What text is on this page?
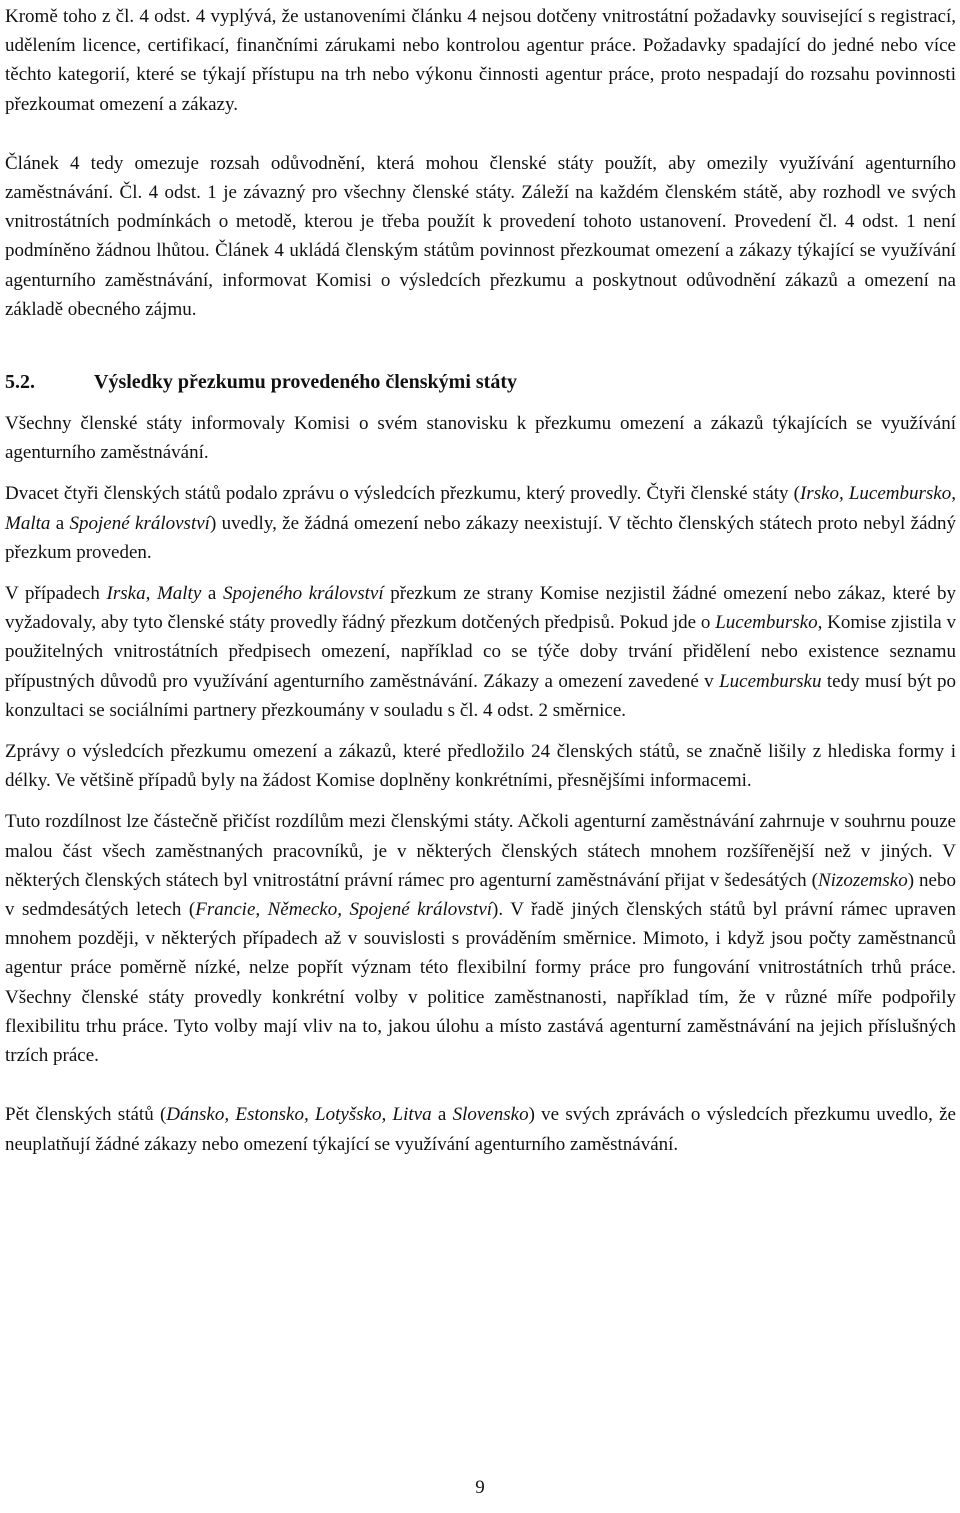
Kromě toho z čl. 4 odst. 4 vyplývá, že ustanoveními článku 4 nejsou dotčeny vnitrostátní požadavky související s registrací, udělením licence, certifikací, finančními zárukami nebo kontrolou agentur práce. Požadavky spadající do jedné nebo více těchto kategorií, které se týkají přístupu na trh nebo výkonu činnosti agentur práce, proto nespadají do rozsahu povinnosti přezkoumat omezení a zákazy.

Článek 4 tedy omezuje rozsah odůvodnění, která mohou členské státy použít, aby omezily využívání agenturního zaměstnávání. Čl. 4 odst. 1 je závazný pro všechny členské státy. Záleží na každém členském státě, aby rozhodl ve svých vnitrostátních podmínkách o metodě, kterou je třeba použít k provedení tohoto ustanovení. Provedení čl. 4 odst. 1 není podmíněno žádnou lhůtou. Článek 4 ukládá členským státům povinnost přezkoumat omezení a zákazy týkající se využívání agenturního zaměstnávání, informovat Komisi o výsledcích přezkumu a poskytnout odůvodnění zákazů a omezení na základě obecného zájmu.

5.2.	Výsledky přezkumu provedeného členskými státy

Všechny členské státy informovaly Komisi o svém stanovisku k přezkumu omezení a zákazů týkajících se využívání agenturního zaměstnávání.

Dvacet čtyři členských států podalo zprávu o výsledcích přezkumu, který provedly. Čtyři členské státy (Irsko, Lucembursko, Malta a Spojené království) uvedly, že žádná omezení nebo zákazy neexistují. V těchto členských státech proto nebyl žádný přezkum proveden.

V případech Irska, Malty a Spojeného království přezkum ze strany Komise nezjistil žádné omezení nebo zákaz, které by vyžadovaly, aby tyto členské státy provedly řádný přezkum dotčených předpisů. Pokud jde o Lucembursko, Komise zjistila v použitelných vnitrostátních předpisech omezení, například co se týče doby trvání přidělení nebo existence seznamu přípustných důvodů pro využívání agenturního zaměstnávání. Zákazy a omezení zavedené v Lucembursku tedy musí být po konzultaci se sociálními partnery přezkoumány v souladu s čl. 4 odst. 2 směrnice.

Zprávy o výsledcích přezkumu omezení a zákazů, které předložilo 24 členských států, se značně lišily z hlediska formy i délky. Ve většině případů byly na žádost Komise doplněny konkrétními, přesnějšími informacemi.

Tuto rozdílnost lze částečně přičíst rozdílům mezi členskými státy. Ačkoli agenturní zaměstnávání zahrnuje v souhrnu pouze malou část všech zaměstnaných pracovníků, je v některých členských státech mnohem rozšířenější než v jiných. V některých členských státech byl vnitrostátní právní rámec pro agenturní zaměstnávání přijat v šedesátých (Nizozemsko) nebo v sedmdesátých letech (Francie, Německo, Spojené království). V řadě jiných členských států byl právní rámec upraven mnohem později, v některých případech až v souvislosti s prováděním směrnice. Mimoto, i když jsou počty zaměstnanců agentur práce poměrně nízké, nelze popřít význam této flexibilní formy práce pro fungování vnitrostátních trhů práce. Všechny členské státy provedly konkrétní volby v politice zaměstnanosti, například tím, že v různé míře podpořily flexibilitu trhu práce. Tyto volby mají vliv na to, jakou úlohu a místo zastává agenturní zaměstnávání na jejich příslušných trzích práce.

Pět členských států (Dánsko, Estonsko, Lotyšsko, Litva a Slovensko) ve svých zprávách o výsledcích přezkumu uvedlo, že neuplatňují žádné zákazy nebo omezení týkající se využívání agenturního zaměstnávání.

9
